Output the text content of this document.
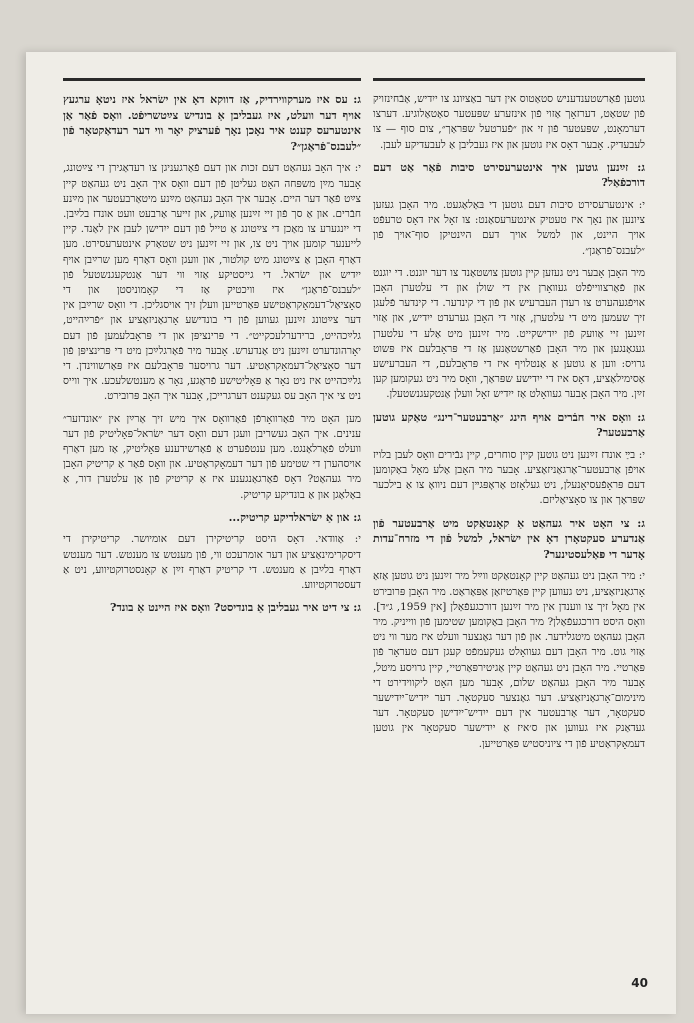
גוטען פֿאַרשטענדעניש סטאַטוס אין דער באַציִונג צו ייִדיש, אַבֿחינזויק פֿון שטאַט, דערזאָך אַזוי פֿון אינזערע שפּעטער סאַטאַלוגיע. דערצו דערמאָנט, שפּעטער פֿון זי און ״פֿערטעל שפּראַך״, צום סוף — צו לעבעדיק. אָבער דאָס איז גוטען און איז געבליבן אַ לעבעדיקע לעבן.

ג: זײַנען גוטען איך אינטערעסירט סיבות פֿאַר אַט דעם דורכפֿאַל?

י: אינטערעסירט סיבות דעם גוטען די בּאַלאַגעט. מיר האָבן געזען ציונען און נאָך איז טעטיק אינטערעסאַנט: צו זאָל איז דאָס טרעפֿט אויך היינט, און למשל אויך דעם הײַנטיקן סוף־אויך פֿון ״לעבנס־פֿראַגן״.

מיר האָבן אָבער ניט געזען קיין גוטען צושטאַנד צו דער יוגנט. די יוגנט און פֿאַרצווייפֿלט געוואָרן אין די שולן און די עלטערן האָבן אויפֿגעהערט צו רעדן העברעיש און פֿון די קינדער. די קינדער פֿלעגן זיך שעמען מיט די עלטערן, אַזוי די האָבן גערעדט ייִדיש, און אַזוי זײַנען זיי אַוועק פֿון ייִדישקייט. מיר זײַנען מיט אַלע די עלטערן געגאַנגען און מיר האָבן פֿאַרשטאַנען אַז די פּראָבלעם איז פּשוט גרויס: ווען אַ גוטען אַ אַנטלויף איז די פּראָבלעם, די העברעישע אַסימילאַציע, דאָס איז די ייִדישע שפּראַך, וואָס מיר ניט געקומען קען זײַן. מיר האָבן אָבער געוואָלט אַז ייִדיש זאָל וועלן אַנטקעגנשטעלן.

ג: וואָס איר חבֿרים אויף הינג ״אַרבעטער־רינג״ טאַקע גוטען אַרבעטער?

י: בײַ אונדז זײַנען ניט גוטען קיין סוחרים, קיין גבֿירים וואָס לעבן בלויז אויפֿן אַרבעטער־אַרגאַניזאַציע. אָבער מיר האָבן אַלע מאָל באַקומען דעם פּראָפֿעסיאָנעלן, ניט געלאָזט אַראָפּגײן דעם ניוואָ צו אַ בילכער שפּראַך און צו סאָציאַליזם.

ג: צי האָט איר געהאַט אַ קאָנטאַקט מיט אַרבעטער פֿון אַנדערע סעקטאָרן דאָ אין ישׂראל, למשל פֿון די מזרח־עדות אָדער די פּאַלעסטינער?

י: מיר האָבן ניט געהאַט קיין קאָנטאַקט ווײַל מיר זײַנען ניט גוטען אַזאַ אָרגאַניזאַציע, ניט געווען קיין פּאַרטיזאַן אַפּאַראַט. מיר האָבן פּרובירט אין מאָל זיך צו ווענדן אין מיר זײַנען דורכגעפֿאַלן [אין 1959, ג״ד]. וואָס היסט דורכגעפֿאַלן? מיר האָבן באַקומען שטימען פֿון ווייניק. מיר האָבן געהאַט מיטגלידער. און פֿון דער גאַנצער וועלט איז מער ווי ניט אַזוי גוט. מיר האָבן דעם געוואָלט געקעמפֿט קעגן דעם טעראָר פֿון פּאַרטיי. מיר האָבן ניט געהאַט קיין אַגיטירפּאַרטיי, קיין גרויסע מיטל, אָבער מיר האָבן געהאַט שלום, אָבער מען האָט ליקווידירט די מינימום־אָרגאַניזאַציע. דער גאַנצער סעקטאָר. דער ייִדיש־ייִדישער סעקטאָר, דער אַרבעטער אין דעם ייִדיש־ייִדישן סעקטאָר. דער געדאַנק איז געווען און ס׳איז אַ ייִדישער סעקטאָר אין גוטען דעמאָקראַטיע פֿון די ציוניסטיש פּאַרטייען.

ג: עס איז מערקווירדיק, אַז דווקא דאָ אין ישׂראל איז ניטאָ ערגעץ אויף דער וועלט, איז געבליבן אַ בונדיש צײַטשריפֿט. וואָס פֿאַר אַן אינטערעס קענט איר נאָכן נאָך פֿערציק יאָר ווי דער רעדאַקטאָר פֿון ״לעבנס־פֿראַגן״?

י: איך האָב געהאַט דעם זכות און דעם פֿאַרגעניגן צו רעדאַגירן די צײַטונג, אָבער מײַן משפּחה האָט געליטן פֿון דעם וואָס איך האָב ניט געהאַט קיין צײַט פֿאַר דער היים. אָבער איך האָב געהאַט מײַנע מיטאַרבעטער און מײַנע חבֿרים. און אַ סך פֿון זיי זײַנען אַוועק, און זייער אַרבעט וועט אונדז בלײַבן. די ייִנגערע צו מאַכן די צײַטונג אַ טייל פֿון דעם ייִדישן לעבן אין לאַנד. קיין לייענער קומען אויך ניט צו, און זיי זײַנען ניט שטאַרק אינטערעסירט. מען דאַרף האָבן אַ צײַטונג מיט קולטור, און וועגן וואָס דאַרף מען שרײַבן אויף ייִדיש און ישׂראל. די גייסטיקע אַזוי ווי דער אַנטקעגנשטעל פֿון ״לעבנס־פֿראַגן״ איז וויכטיק אַז די קאָמוניסטן און די סאָציאַל־דעמאָקראַטישע פּאַרטייען וועלן זיך אויסגליכן. די וואָס שרײַבן אין דער צײַטונג זײַנען געווען פֿון די בונדישע אָרגאַניזאַציע און ״פֿרײַהייט, גלײַכהייט, ברידערלעכקייט״. די פּרינציפּן און די פּראָבלעמען פֿון דעם יאָרהונדערט זײַנען ניט אַנדערש. אָבער מיר פֿאַרגלײַכן מיט די פּרינציפּן פֿון דער סאָציאַל־דעמאָקראַטיע. דער גרויסער פּראָבלעם איז פּאַרשווינדן. די גלײַכהייט איז ניט נאָר אַ פּאָליטישע פֿראַגע, נאָר אַ מענטשלעכע. איך ווייס ניט צי איך האָב עס געקענט דערגרייכן, אָבער איך האָב פּרובירט.

מען האָט מיר פֿאַרוואָרפֿן פֿאַרוואָס איך מיש זיך אַרײַן אין ״אונדזער״ ענינים. איך האָב געשריבן וועגן דעם וואָס דער ישׂראל־פּאָליטיק פֿון דער וועלט פֿאַרלאַנגט. מען ענטפֿערט אַ פֿאַרשידענע פּאָליטיק, אַז מען דאַרף אויסהערן די שטימע פֿון דער דעמאָקראַטיע. און וואָס פֿאַר אַ קריטיק האָבן מיר געהאַט? דאָס פֿאַרגאַנגענע איז אַ קריטיק פֿון אַן עלטערן דור, אַ באַלאַגן און אַ בונדיקע קריטיק.

ג: און אַ ישׂראלדיקע קריטיק...

י: אַוודאי. דאָס היסט קריטיקירן דעם אומיושר. קריטיקירן די דיסקרימינאַציע און דער אומרעכט ווי, פֿון מענטש צו מענטש. דער מענטש דאַרף בלײַבן אַ מענטש. די קריטיק דאַרף זײַן אַ קאָנסטרוקטיווע, ניט אַ דעסטרוקטיווע.

ג: צי דיט איר געבליבן אַ בונדיסט? וואָס איז היינט אַ בונד?

40
